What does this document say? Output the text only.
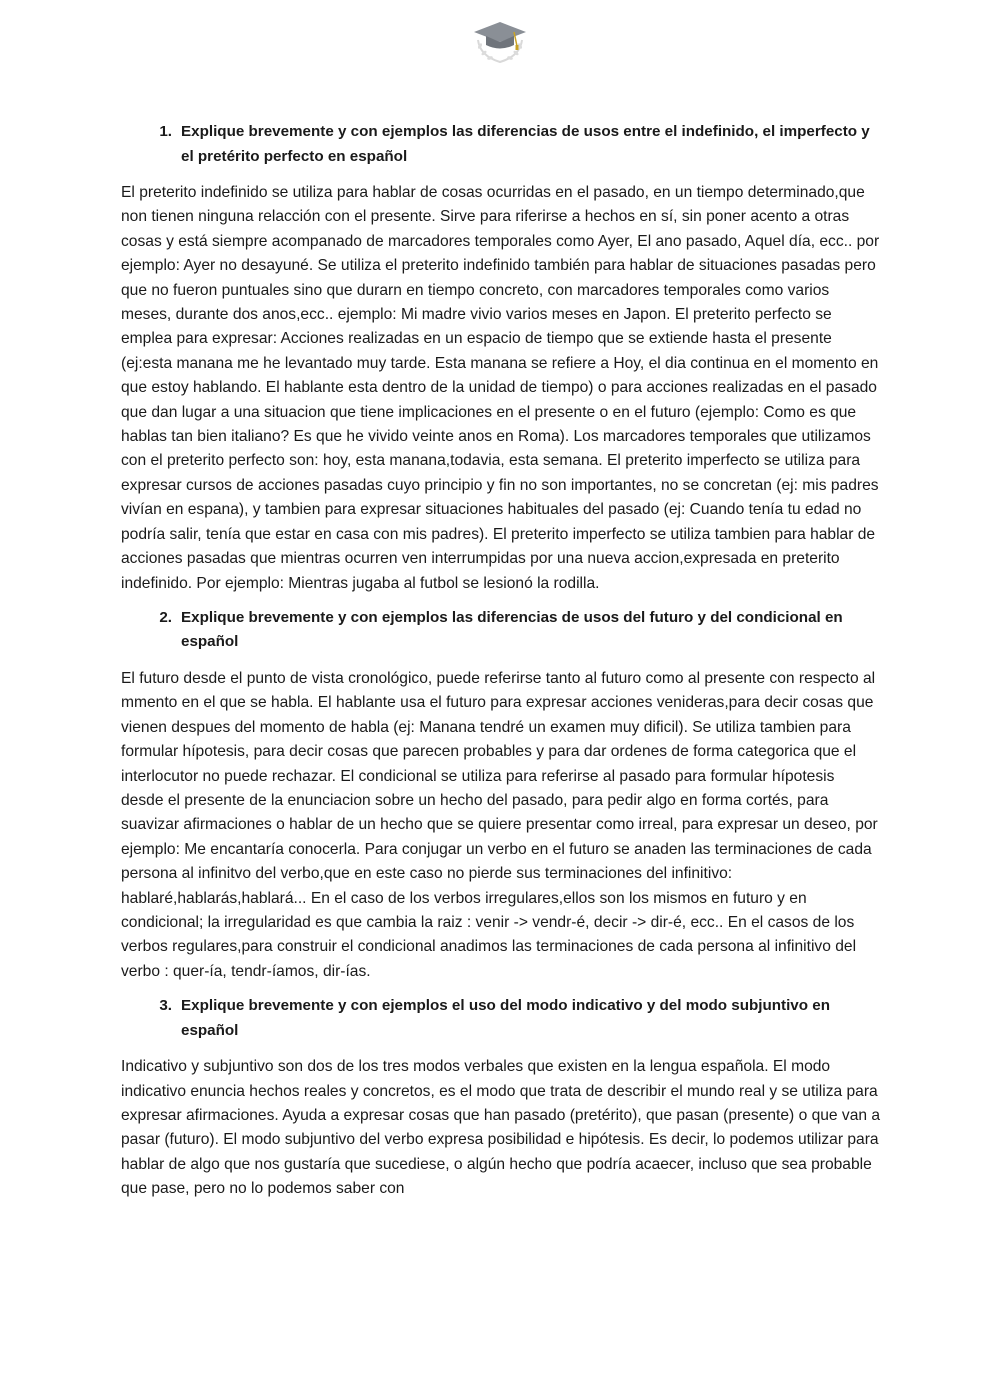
1. Explique brevemente y con ejemplos las diferencias de usos entre el indefinido, el imperfecto y el pretérito perfecto en español

El preterito indefinido se utiliza para hablar de cosas ocurridas en el pasado, en un tiempo determinado,que non tienen ninguna relacción con el presente. Sirve para riferirse a hechos en sí, sin poner acento a otras cosas y está siempre acompanado de marcadores temporales como Ayer, El ano pasado, Aquel día, ecc.. por ejemplo: Ayer no desayuné. Se utiliza el preterito indefinido también para hablar de situaciones pasadas pero que no fueron puntuales sino que durarn en tiempo concreto, con marcadores temporales como varios meses, durante dos anos,ecc.. ejemplo: Mi madre vivio varios meses en Japon. El preterito perfecto se emplea para expresar: Acciones realizadas en un espacio de tiempo que se extiende hasta el presente (ej:esta manana me he levantado muy tarde. Esta manana se refiere a Hoy, el dia continua en el momento en que estoy hablando. El hablante esta dentro de la unidad de tiempo) o para acciones realizadas en el pasado que dan lugar a una situacion que tiene implicaciones en el presente o en el futuro (ejemplo: Como es que hablas tan bien italiano? Es que he vivido veinte anos en Roma). Los marcadores temporales que utilizamos con el preterito perfecto son: hoy, esta manana,todavia, esta semana. El preterito imperfecto se utiliza para expresar cursos de acciones pasadas cuyo principio y fin no son importantes, no se concretan (ej: mis padres vivían en espana), y tambien para expresar situaciones habituales del pasado (ej: Cuando tenía tu edad no podría salir, tenía que estar en casa con mis padres). El preterito imperfecto se utiliza tambien para hablar de acciones pasadas que mientras ocurren ven interrumpidas por una nueva accion,expresada en preterito indefinido. Por ejemplo: Mientras jugaba al futbol se lesionó la rodilla.

2. Explique brevemente y con ejemplos las diferencias de usos del futuro y del condicional en español

El futuro desde el punto de vista cronológico, puede referirse tanto al futuro como al presente con respecto al mmento en el que se habla. El hablante usa el futuro para expresar acciones venideras,para decir cosas que vienen despues del momento de habla (ej: Manana tendré un examen muy dificil). Se utiliza tambien para formular hípotesis, para decir cosas que parecen probables y para dar ordenes de forma categorica que el interlocutor no puede rechazar. El condicional se utiliza para referirse al pasado para formular hípotesis desde el presente de la enunciacion sobre un hecho del pasado, para pedir algo en forma cortés, para suavizar afirmaciones o hablar de un hecho que se quiere presentar como irreal, para expresar un deseo, por ejemplo: Me encantaría conocerla. Para conjugar un verbo en el futuro se anaden las terminaciones de cada persona al infinitvo del verbo,que en este caso no pierde sus terminaciones del infinitivo: hablaré,hablarás,hablará... En el caso de los verbos irregulares,ellos son los mismos en futuro y en condicional; la irregularidad es que cambia la raiz : venir -> vendr-é, decir -> dir-é, ecc.. En el casos de los verbos regulares,para construir el condicional anadimos las terminaciones de cada persona al infinitivo del verbo : quer-ía, tendr-íamos, dir-ías.

3. Explique brevemente y con ejemplos el uso del modo indicativo y del modo subjuntivo en español

Indicativo y subjuntivo son dos de los tres modos verbales que existen en la lengua española. El modo indicativo enuncia hechos reales y concretos, es el modo que trata de describir el mundo real y se utiliza para expresar afirmaciones. Ayuda a expresar cosas que han pasado (pretérito), que pasan (presente) o que van a pasar (futuro). El modo subjuntivo del verbo expresa posibilidad e hipótesis. Es decir, lo podemos utilizar para hablar de algo que nos gustaría que sucediese, o algún hecho que podría acaecer, incluso que sea probable que pase, pero no lo podemos saber con
